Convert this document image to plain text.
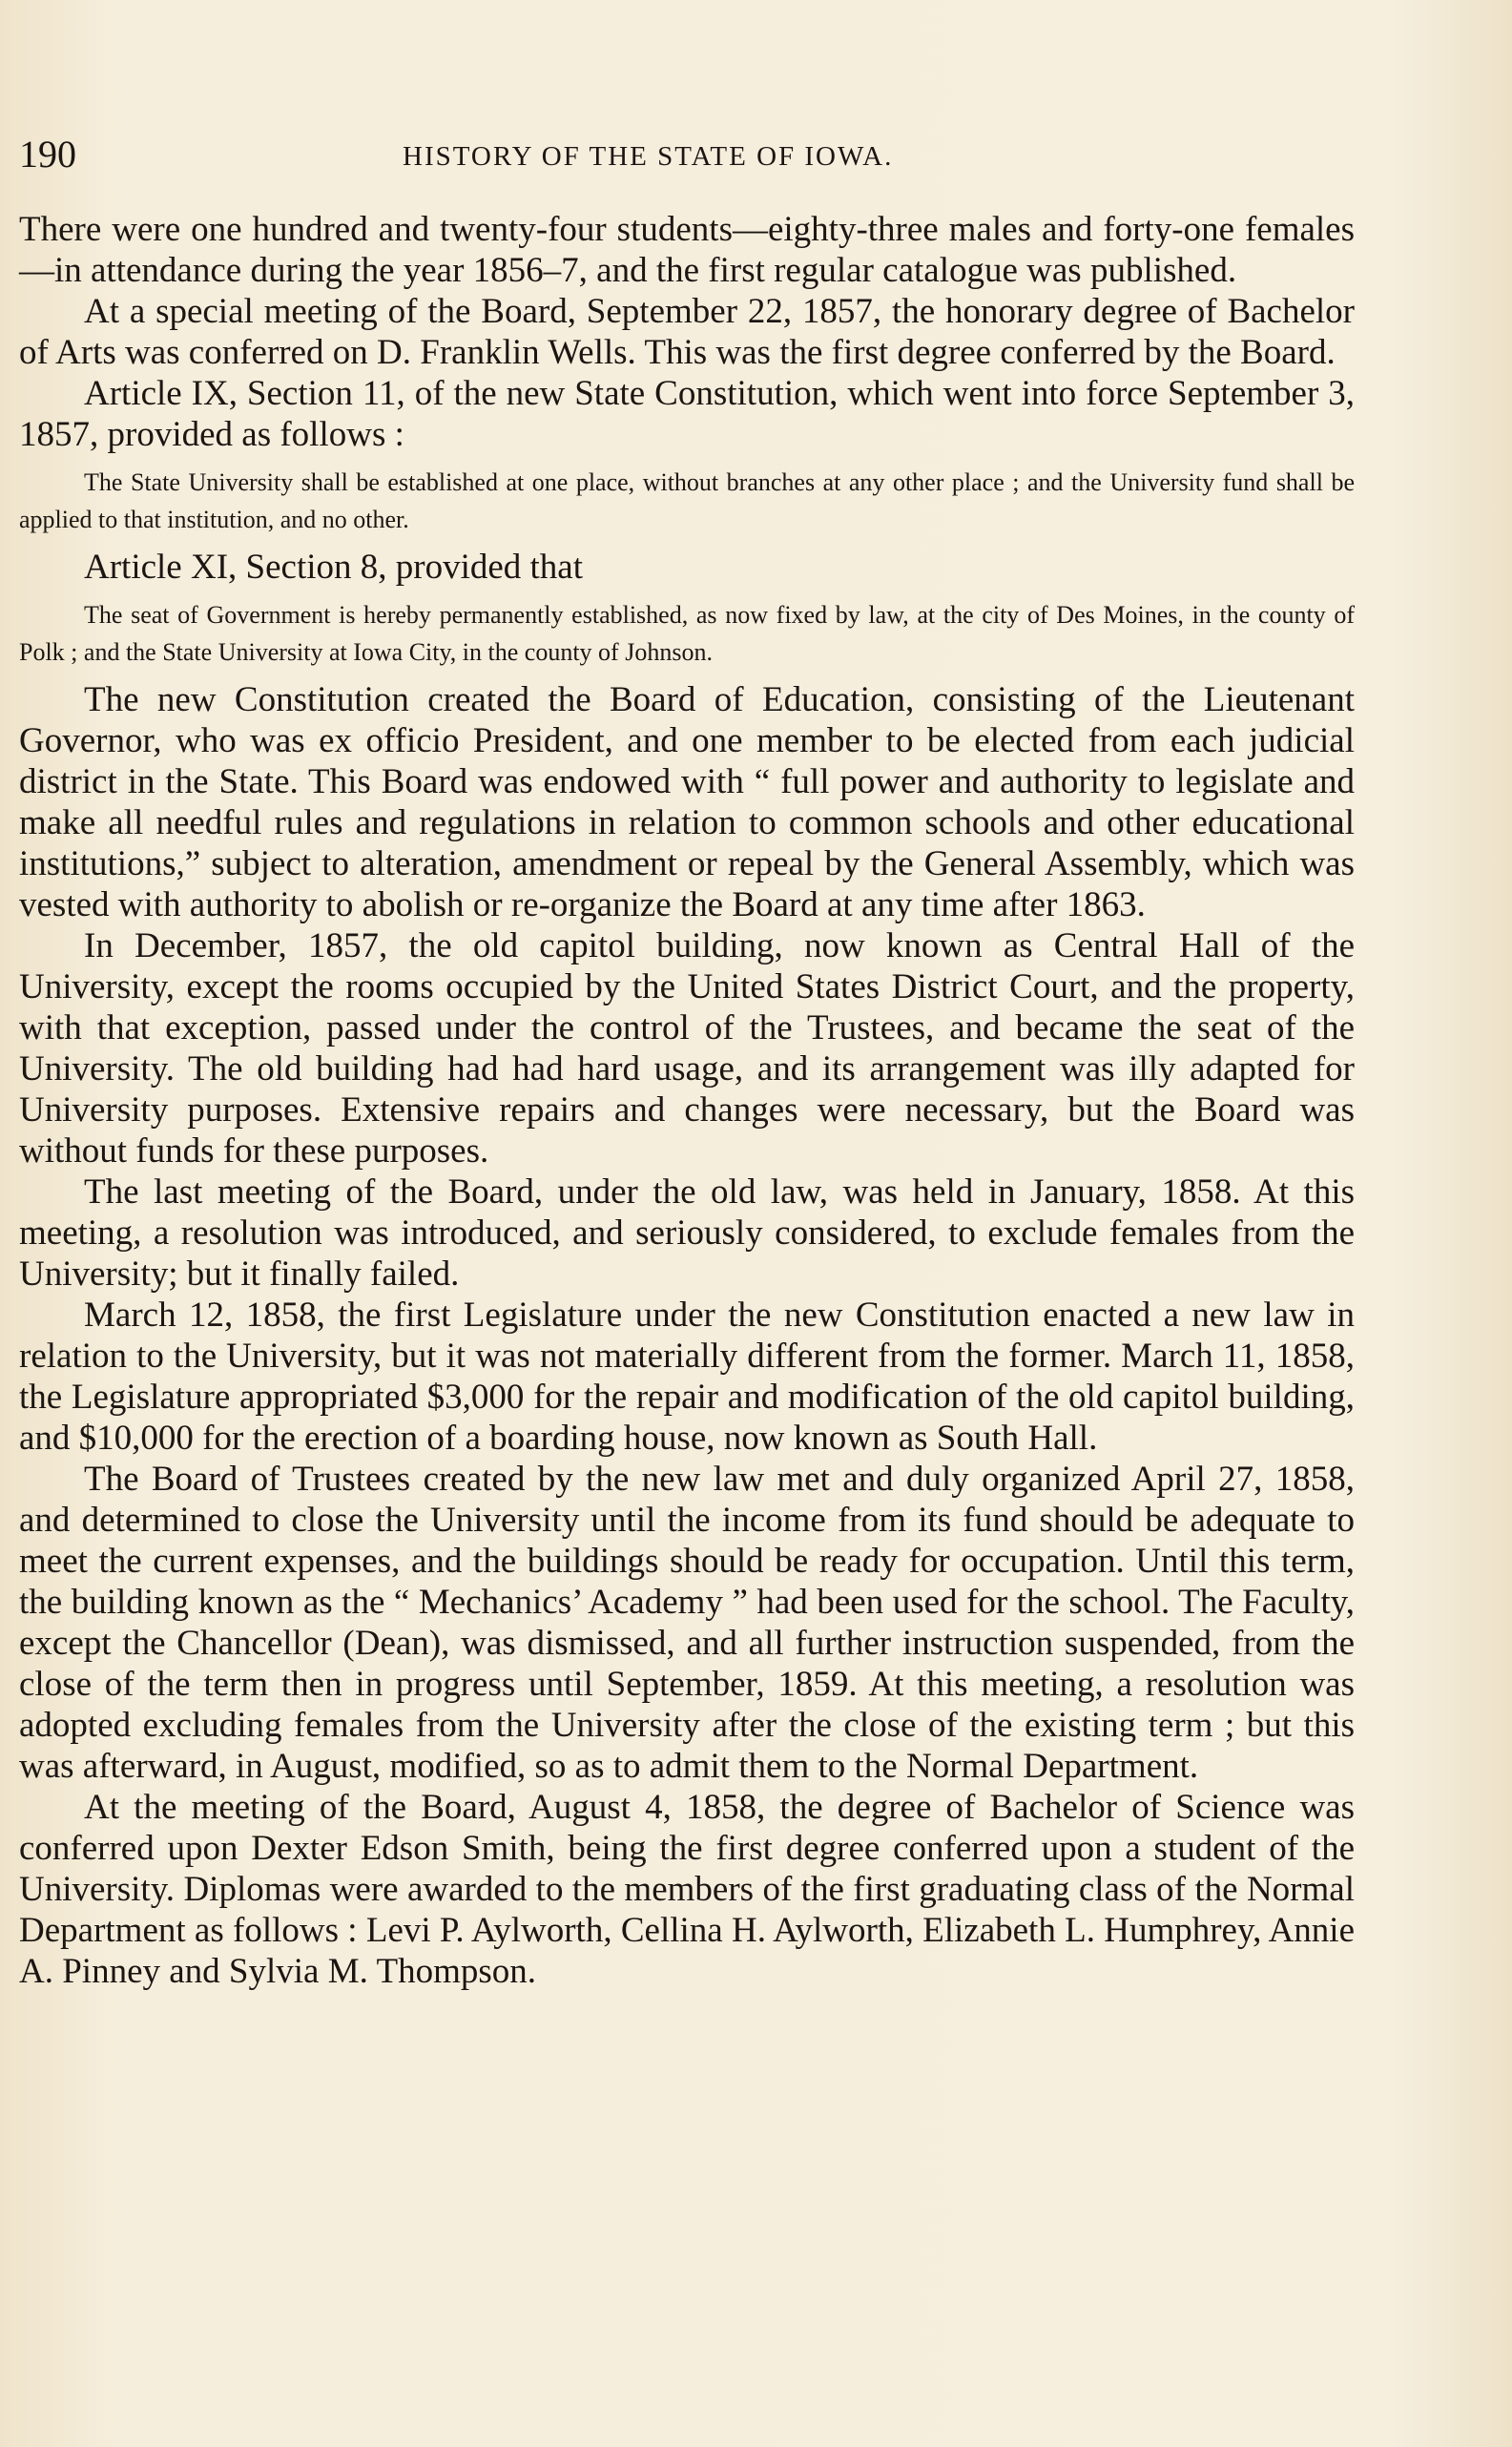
190	HISTORY OF THE STATE OF IOWA.

There were one hundred and twenty-four students—eighty-three males and forty-one females—in attendance during the year 1856–7, and the first regular catalogue was published.

At a special meeting of the Board, September 22, 1857, the honorary degree of Bachelor of Arts was conferred on D. Franklin Wells. This was the first degree conferred by the Board.

Article IX, Section 11, of the new State Constitution, which went into force September 3, 1857, provided as follows :

The State University shall be established at one place, without branches at any other place ; and the University fund shall be applied to that institution, and no other.

Article XI, Section 8, provided that

The seat of Government is hereby permanently established, as now fixed by law, at the city of Des Moines, in the county of Polk ; and the State University at Iowa City, in the county of Johnson.

The new Constitution created the Board of Education, consisting of the Lieutenant Governor, who was ex officio President, and one member to be elected from each judicial district in the State. This Board was endowed with “ full power and authority to legislate and make all needful rules and regulations in relation to common schools and other educational institutions,” subject to alteration, amendment or repeal by the General Assembly, which was vested with authority to abolish or re-organize the Board at any time after 1863.

In December, 1857, the old capitol building, now known as Central Hall of the University, except the rooms occupied by the United States District Court, and the property, with that exception, passed under the control of the Trustees, and became the seat of the University. The old building had had hard usage, and its arrangement was illy adapted for University purposes. Extensive repairs and changes were necessary, but the Board was without funds for these purposes.

The last meeting of the Board, under the old law, was held in January, 1858. At this meeting, a resolution was introduced, and seriously considered, to exclude females from the University; but it finally failed.

March 12, 1858, the first Legislature under the new Constitution enacted a new law in relation to the University, but it was not materially different from the former. March 11, 1858, the Legislature appropriated $3,000 for the repair and modification of the old capitol building, and $10,000 for the erection of a boarding house, now known as South Hall.

The Board of Trustees created by the new law met and duly organized April 27, 1858, and determined to close the University until the income from its fund should be adequate to meet the current expenses, and the buildings should be ready for occupation. Until this term, the building known as the “ Mechanics’ Academy ” had been used for the school. The Faculty, except the Chancellor (Dean), was dismissed, and all further instruction suspended, from the close of the term then in progress until September, 1859. At this meeting, a resolution was adopted excluding females from the University after the close of the existing term ; but this was afterward, in August, modified, so as to admit them to the Normal Department.

At the meeting of the Board, August 4, 1858, the degree of Bachelor of Science was conferred upon Dexter Edson Smith, being the first degree conferred upon a student of the University. Diplomas were awarded to the members of the first graduating class of the Normal Department as follows : Levi P. Aylworth, Cellina H. Aylworth, Elizabeth L. Humphrey, Annie A. Pinney and Sylvia M. Thompson.
